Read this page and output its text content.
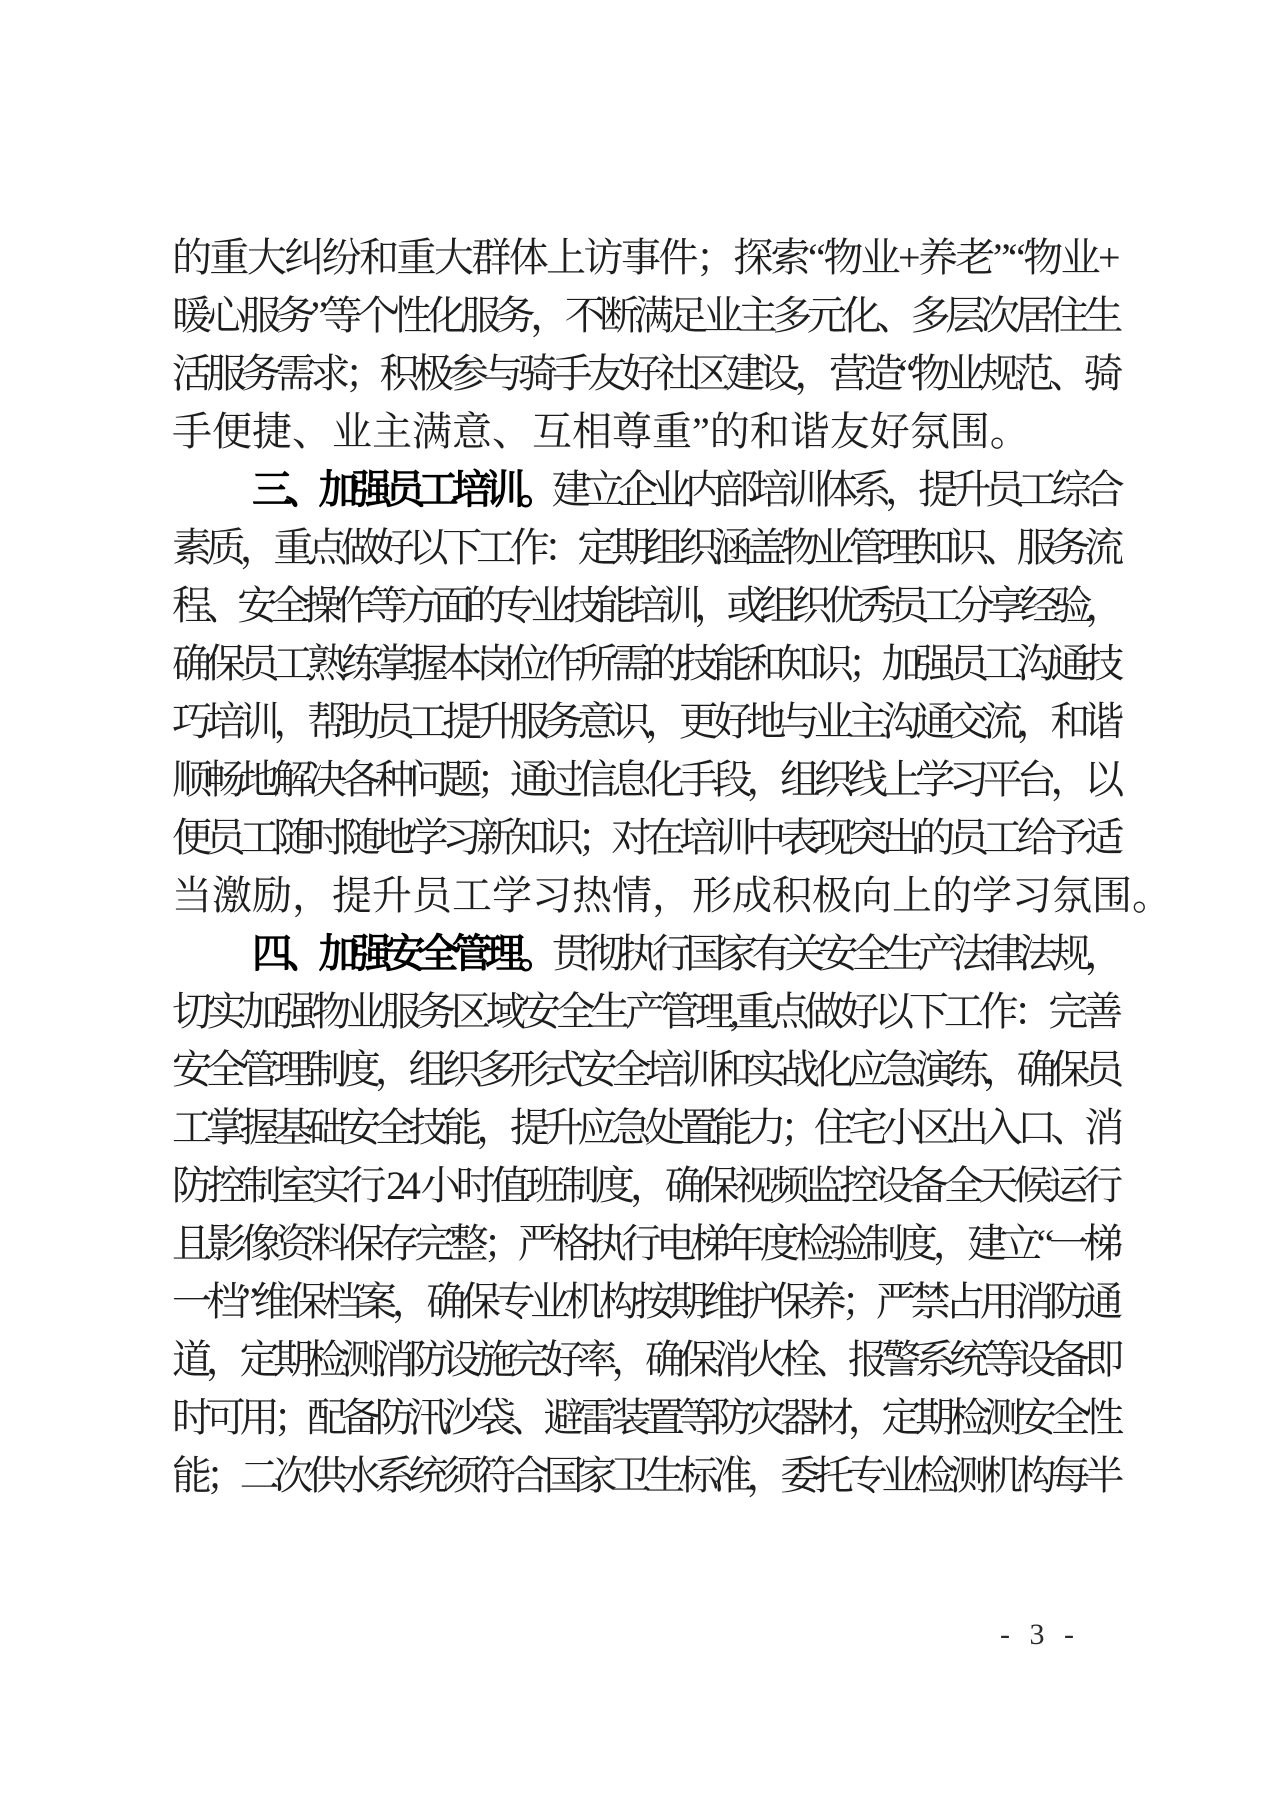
的重大纠纷和重大群体上访事件；探索“物业+养老”“物业+
暖心服务”等个性化服务，不断满足业主多元化、多层次居住生
活服务需求；积极参与骑手友好社区建设，营造“物业规范、骑
手便捷、业主满意、互相尊重”的和谐友好氛围。
三、加强员工培训。建立企业内部培训体系，提升员工综合
素质，重点做好以下工作：定期组织涵盖物业管理知识、服务流
程、安全操作等方面的专业技能培训，或组织优秀员工分享经验，
确保员工熟练掌握本岗位作所需的技能和知识；加强员工沟通技
巧培训，帮助员工提升服务意识，更好地与业主沟通交流，和谐
顺畅地解决各种问题；通过信息化手段，组织线上学习平台，以
便员工随时随地学习新知识；对在培训中表现突出的员工给予适
当激励，提升员工学习热情，形成积极向上的学习氛围。
四、加强安全管理。贯彻执行国家有关安全生产法律法规，
切实加强物业服务区域安全生产管理,重点做好以下工作：完善
安全管理制度，组织多形式安全培训和实战化应急演练，确保员
工掌握基础安全技能，提升应急处置能力；住宅小区出入口、消
防控制室实行 24 小时值班制度，确保视频监控设备全天候运行
且影像资料保存完整；严格执行电梯年度检验制度，建立“一梯
一档”维保档案，确保专业机构按期维护保养；严禁占用消防通
道，定期检测消防设施完好率，确保消火栓、报警系统等设备即
时可用；配备防汛沙袋、避雷装置等防灾器材，定期检测安全性
能；二次供水系统须符合国家卫生标准，委托专业检测机构每半
- 3 -
